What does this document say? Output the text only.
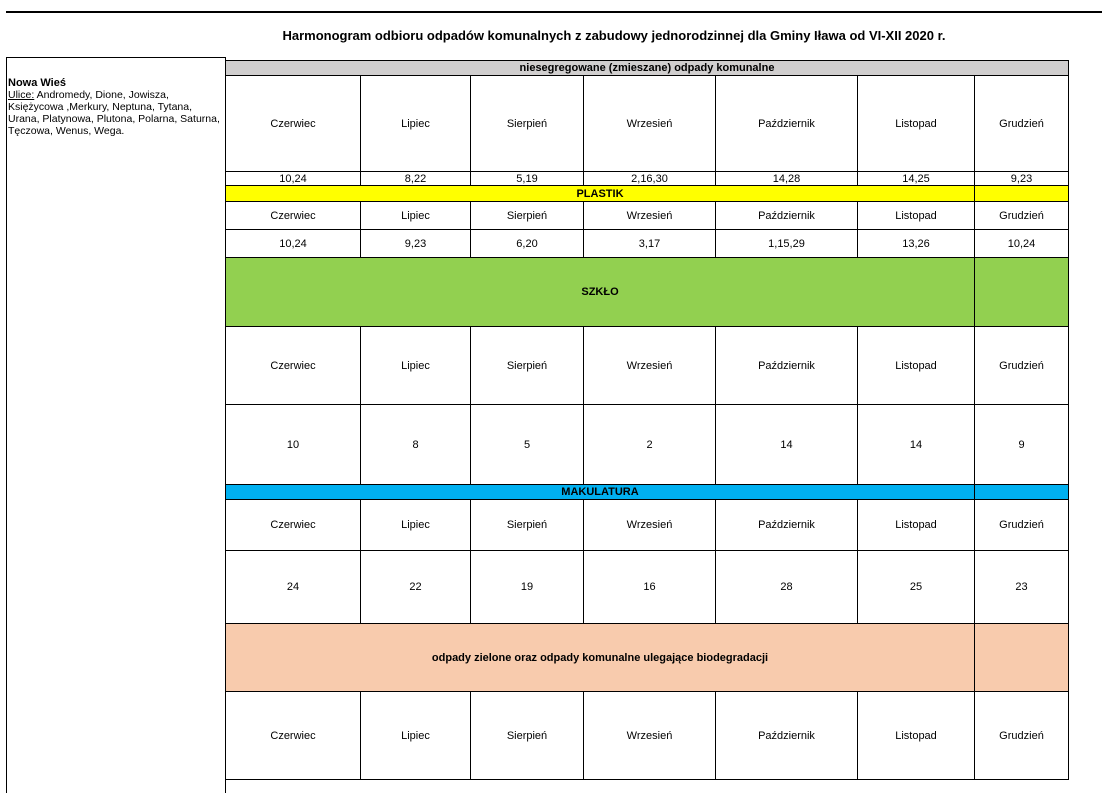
Harmonogram odbioru odpadów komunalnych z zabudowy jednorodzinnej dla Gminy Iława od VI-XII 2020 r.
Nowa Wieś
Ulice: Andromedy, Dione, Jowisza, Księżycowa ,Merkury, Neptuna, Tytana, Urana, Platynowa, Plutona, Polarna, Saturna, Tęczowa, Wenus, Wega.
niesegregowane (zmieszane) odpady komunalne
Czerwiec	Lipiec	Sierpień	Wrzesień	Październik	Listopad	Grudzień
10,24	8,22	5,19	2,16,30	14,28	14,25	9,23
PLASTIK
Czerwiec	Lipiec	Sierpień	Wrzesień	Październik	Listopad	Grudzień
10,24	9,23	6,20	3,17	1,15,29	13,26	10,24
SZKŁO
Czerwiec	Lipiec	Sierpień	Wrzesień	Październik	Listopad	Grudzień
10	8	5	2	14	14	9
MAKULATURA
Czerwiec	Lipiec	Sierpień	Wrzesień	Październik	Listopad	Grudzień
24	22	19	16	28	25	23
odpady zielone oraz odpady komunalne ulegające biodegradacji
Czerwiec	Lipiec	Sierpień	Wrzesień	Październik	Listopad	Grudzień
